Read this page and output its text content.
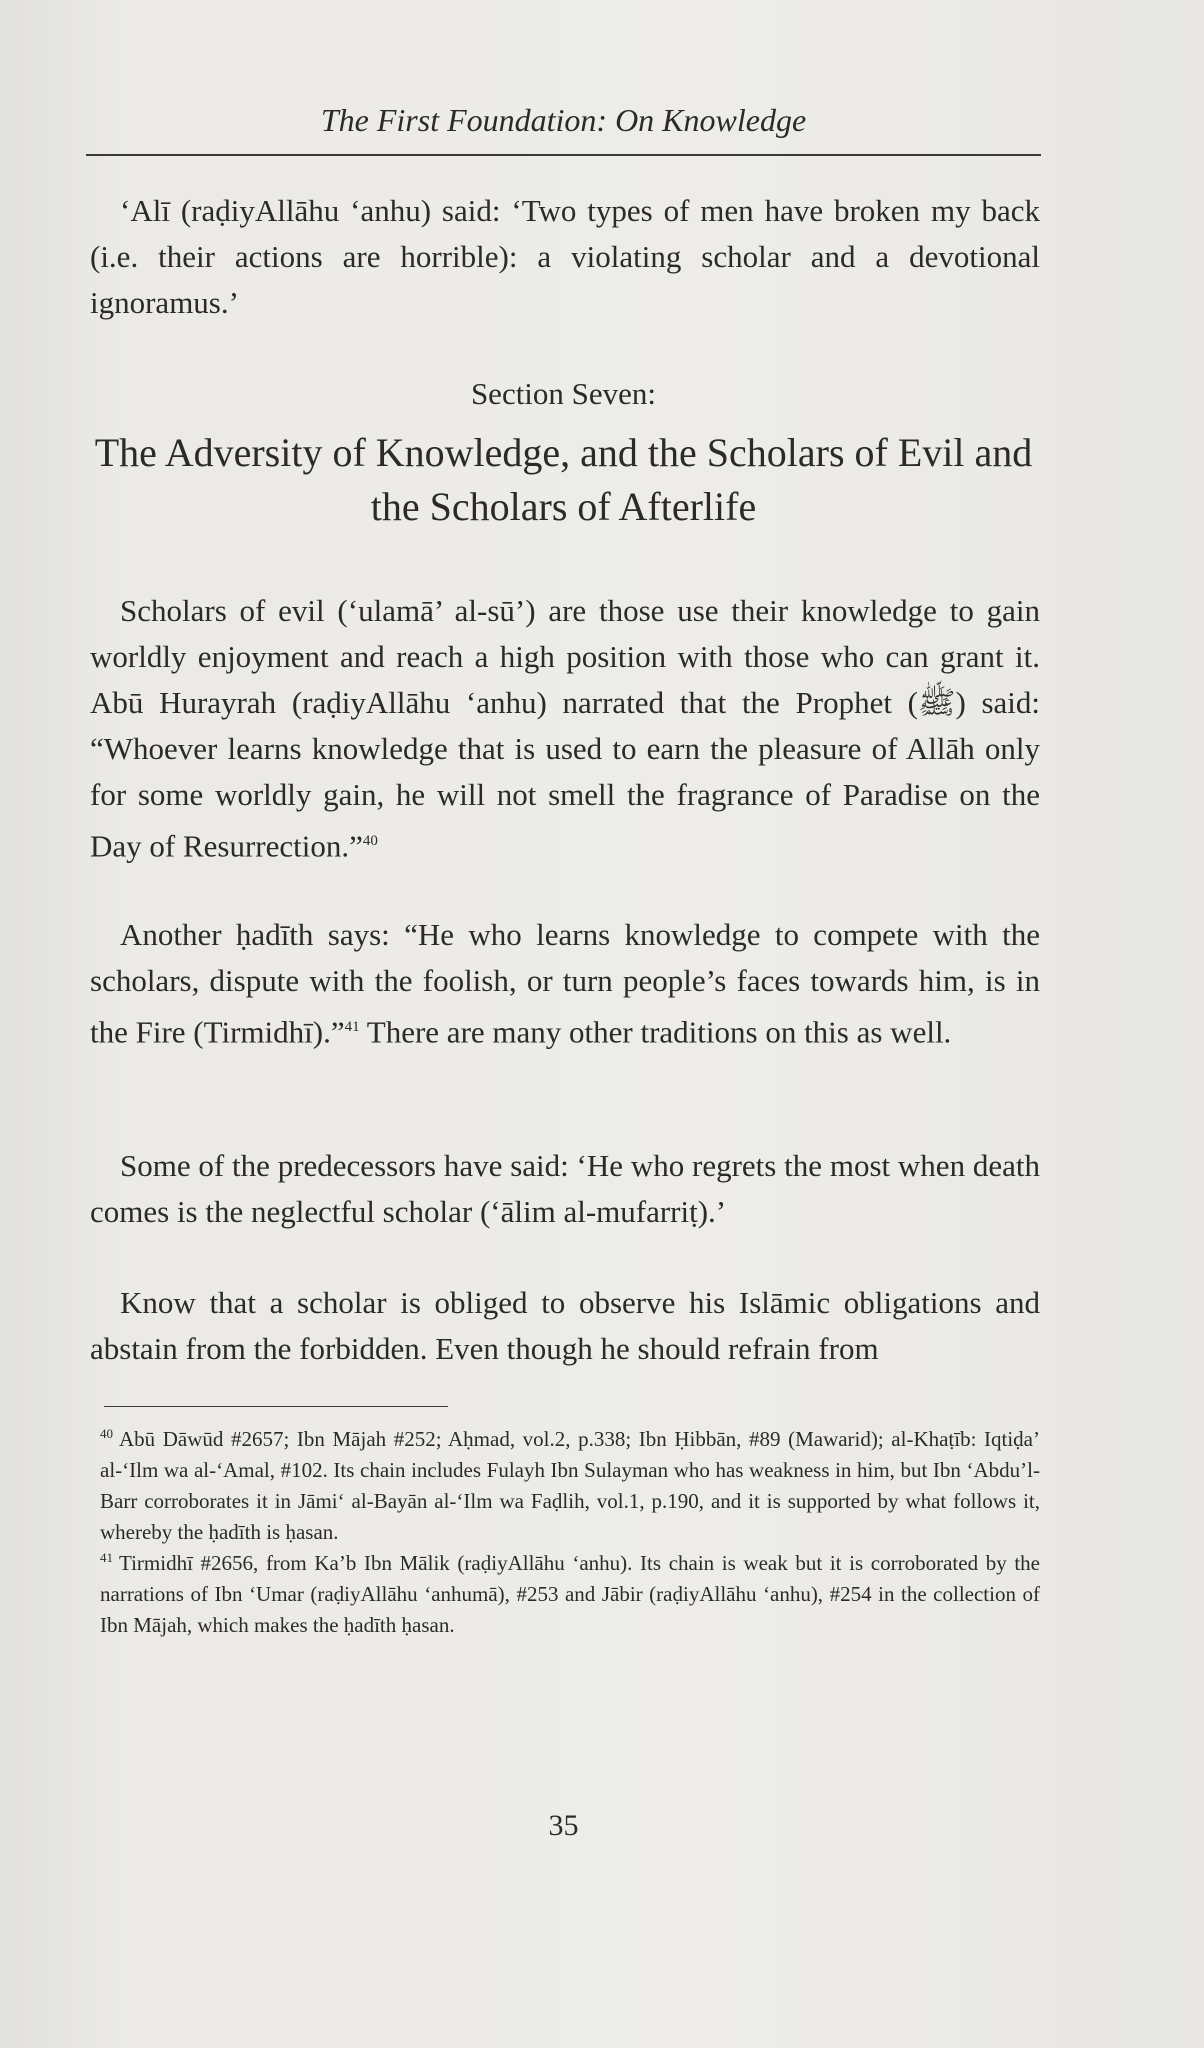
The First Foundation: On Knowledge

‘Alī (raḍiyAllāhu ‘anhu) said: ‘Two types of men have broken my back (i.e. their actions are horrible): a violating scholar and a devotional ignoramus.’

Section Seven:
The Adversity of Knowledge, and the Scholars of Evil and the Scholars of Afterlife

Scholars of evil (‘ulamā’ al-sū’) are those use their knowledge to gain worldly enjoyment and reach a high position with those who can grant it. Abū Hurayrah (raḍiyAllāhu ‘anhu) narrated that the Prophet (ﷺ) said: “Whoever learns knowledge that is used to earn the pleasure of Allāh only for some worldly gain, he will not smell the fragrance of Paradise on the Day of Resurrection.”$^{40}$

Another ḥadīth says: “He who learns knowledge to compete with the scholars, dispute with the foolish, or turn people’s faces towards him, is in the Fire (Tirmidhī).”$^{41}$ There are many other traditions on this as well.

Some of the predecessors have said: ‘He who regrets the most when death comes is the neglectful scholar (‘ālim al-mufarriṭ).’

Know that a scholar is obliged to observe his Islāmic obligations and abstain from the forbidden. Even though he should refrain from

$^{40}$ Abū Dāwūd #2657; Ibn Mājah #252; Aḥmad, vol.2, p.338; Ibn Ḥibbān, #89 (Mawarid); al-Khaṭīb: Iqtiḍa’ al-‘Ilm wa al-‘Amal, #102. Its chain includes Fulayh Ibn Sulayman who has weakness in him, but Ibn ‘Abdu’l-Barr corroborates it in Jāmi‘ al-Bayān al-‘Ilm wa Faḍlih, vol.1, p.190, and it is supported by what follows it, whereby the ḥadīth is ḥasan.

$^{41}$ Tirmidhī #2656, from Ka’b Ibn Mālik (raḍiyAllāhu ‘anhu). Its chain is weak but it is corroborated by the narrations of Ibn ‘Umar (raḍiyAllāhu ‘anhumā), #253 and Jābir (raḍiyAllāhu ‘anhu), #254 in the collection of Ibn Mājah, which makes the ḥadīth ḥasan.

35
